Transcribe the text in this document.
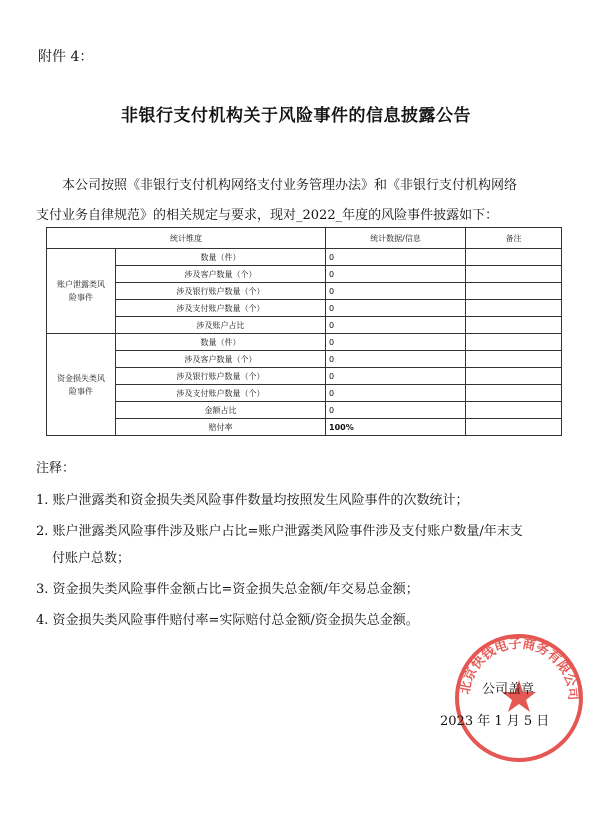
附件 4：
非银行支付机构关于风险事件的信息披露公告

本公司按照《非银行支付机构网络支付业务管理办法》和《非银行支付机构网络

支付业务自律规范》的相关规定与要求，现对_2022_年度的风险事件披露如下：

统计维度		统计数据/信息	备注
账户泄露类风
险事件	数量（件）	0	
	涉及客户数量（个）	0	
	涉及银行账户数量（个）	0	
	涉及支付账户数量（个）	0	
	涉及账户占比	0	
资金损失类风
险事件	数量（件）	0	
	涉及客户数量（个）	0	
	涉及银行账户数量（个）	0	
	涉及支付账户数量（个）	0	
	金额占比	0	
	赔付率	100%	
注释：
1. 账户泄露类和资金损失类风险事件数量均按照发生风险事件的次数统计；
2. 账户泄露类风险事件涉及账户占比=账户泄露类风险事件涉及支付账户数量/年末支
付账户总数；
3. 资金损失类风险事件金额占比=资金损失总金额/年交易总金额；
4. 资金损失类风险事件赔付率=实际赔付总金额/资金损失总金额。
北京快钱电子商务有限公司
公司盖章
2023 年 1 月 5 日
